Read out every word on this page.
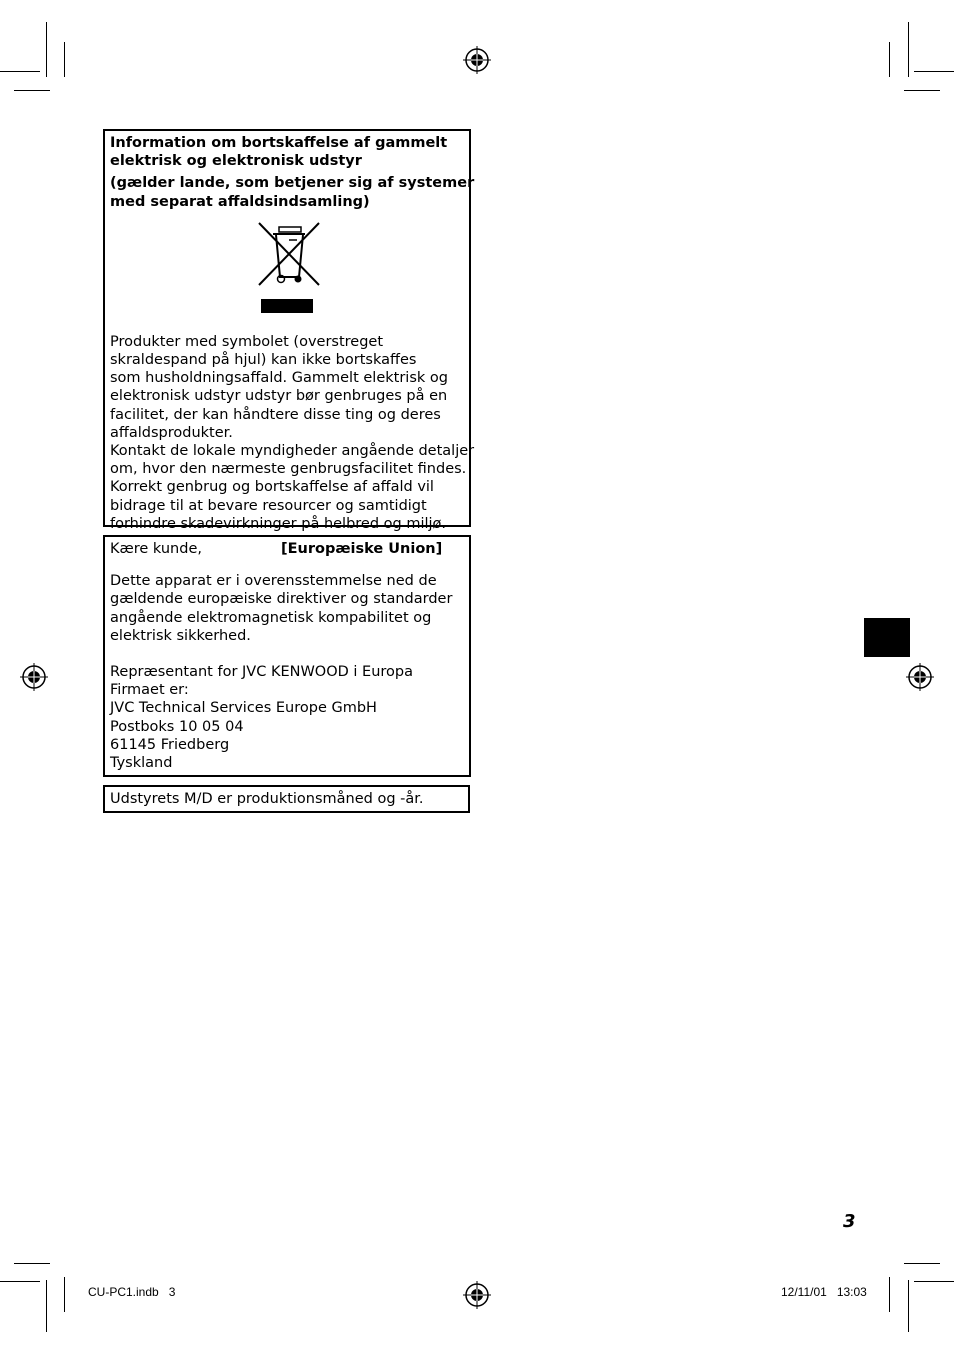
Information om bortskaffelse af gammelt
elektrisk og elektronisk udstyr
(gælder lande, som betjener sig af systemer
med separat affaldsindsamling)
Produkter med symbolet (overstreget
skraldespand på hjul) kan ikke bortskaffes
som husholdningsaffald. Gammelt elektrisk og
elektronisk udstyr udstyr bør genbruges på en
facilitet, der kan håndtere disse ting og deres
affaldsprodukter.
Kontakt de lokale myndigheder angående detaljer
om, hvor den nærmeste genbrugsfacilitet findes.
Korrekt genbrug og bortskaffelse af affald vil
bidrage til at bevare resourcer og samtidigt
forhindre skadevirkninger på helbred og miljø.
Kære kunde,	[Europæiske Union]
Dette apparat er i overensstemmelse ned de
gældende europæiske direktiver og standarder
angående elektromagnetisk kompabilitet og
elektrisk sikkerhed.
Repræsentant for JVC KENWOOD i Europa
Firmaet er:
JVC Technical Services Europe GmbH
Postboks 10 05 04
61145 Friedberg
Tyskland
Udstyrets M/D er produktionsmåned og -år.
3
CU-PC1.indb   3	12/11/01   13:03
